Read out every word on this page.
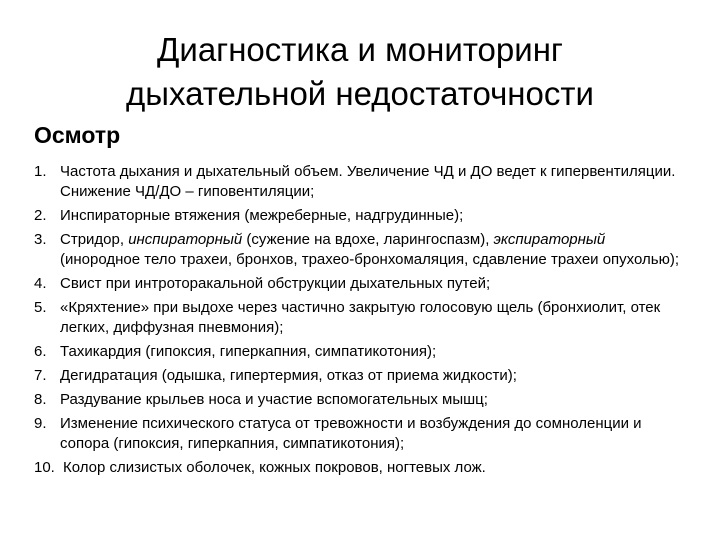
Диагностика и мониторинг
дыхательной недостаточности
Осмотр
1. Частота дыхания и дыхательный объем. Увеличение ЧД и ДО ведет к гипервентиляции. Снижение ЧД/ДО – гиповентиляции;
2. Инспираторные втяжения (межреберные, надгрудинные);
3. Стридор, инспираторный (сужение на вдохе, ларингоспазм), экспираторный (инородное тело трахеи, бронхов, трахео-бронхомаляция, сдавление трахеи опухолью);
4. Свист при интроторакальной обструкции дыхательных путей;
5. «Кряхтение» при выдохе через частично закрытую голосовую щель (бронхиолит, отек легких, диффузная пневмония);
6. Тахикардия (гипоксия, гиперкапния, симпатикотония);
7. Дегидратация (одышка, гипертермия, отказ от приема жидкости);
8. Раздувание крыльев носа и участие вспомогательных мышц;
9. Изменение психического статуса от тревожности и возбуждения до сомноленции и сопора (гипоксия, гиперкапния, симпатикотония);
10. Колор слизистых оболочек, кожных покровов, ногтевых лож.
